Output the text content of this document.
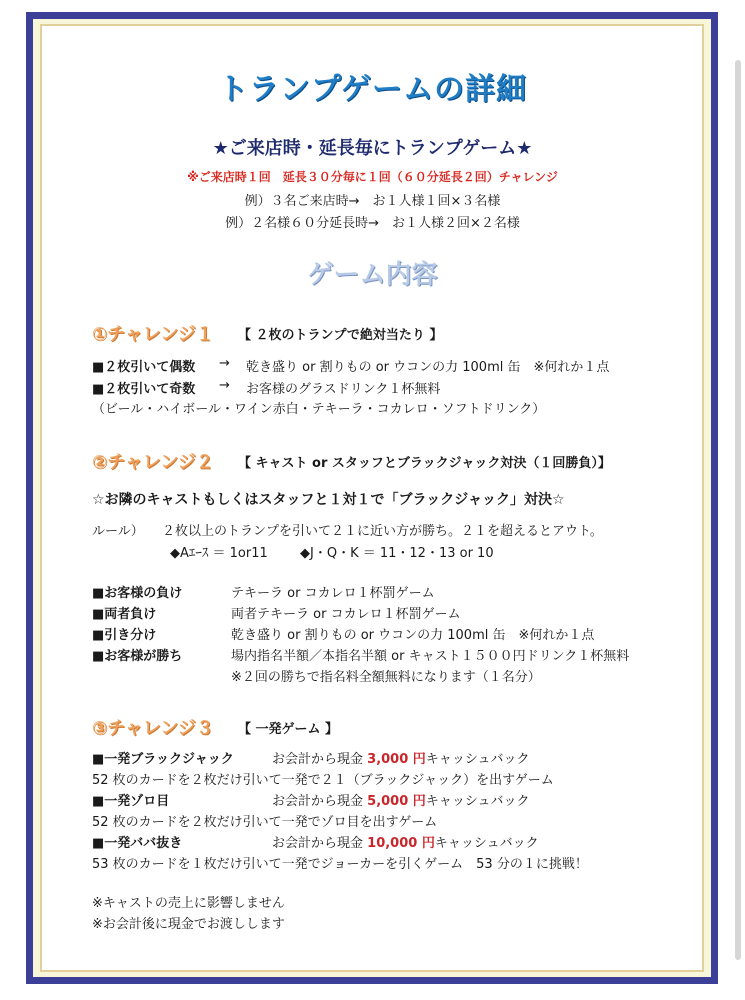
トランプゲームの詳細
★ご来店時・延長毎にトランプゲーム★
※ご来店時１回　延長３０分毎に１回（６０分延長２回）チャレンジ
例）３名ご来店時→　お１人様１回×３名様
例）２名様６０分延長時→　お１人様２回×２名様
ゲーム内容
①チャレンジ１ 【 ２枚のトランプで絶対当たり 】
■２枚引いて偶数 → 乾き盛り or 割りもの or ウコンの力 100ml 缶　※何れか１点
■２枚引いて奇数 → お客様のグラスドリンク１杯無料
（ビール・ハイボール・ワイン赤白・テキーラ・コカレロ・ソフトドリンク）
②チャレンジ２ 【 キャスト or スタッフとブラックジャック対決（１回勝負）】
☆お隣のキャストもしくはスタッフと１対１で「ブラックジャック」対決☆
ルール） ２枚以上のトランプを引いて２１に近い方が勝ち。２１を超えるとアウト。
◆Aｴｰｽ ＝ 1or11 ◆J・Q・K ＝ 11・12・13 or 10
■お客様の負け	テキーラ or コカレロ１杯罰ゲーム
■両者負け	両者テキーラ or コカレロ１杯罰ゲーム
■引き分け	乾き盛り or 割りもの or ウコンの力 100ml 缶　※何れか１点
■お客様が勝ち	場内指名半額／本指名半額 or キャスト１５００円ドリンク１杯無料
※２回の勝ちで指名料全額無料になります（１名分）
③チャレンジ３ 【 一発ゲーム 】
■一発ブラックジャック	お会計から現金 3,000 円キャッシュバック
52 枚のカードを２枚だけ引いて一発で２１（ブラックジャック）を出すゲーム
■一発ゾロ目	お会計から現金 5,000 円キャッシュバック
52 枚のカードを２枚だけ引いて一発でゾロ目を出すゲーム
■一発ババ抜き	お会計から現金 10,000 円キャッシュバック
53 枚のカードを１枚だけ引いて一発でジョーカーを引くゲーム　53 分の１に挑戦！
※キャストの売上に影響しません
※お会計後に現金でお渡しします
